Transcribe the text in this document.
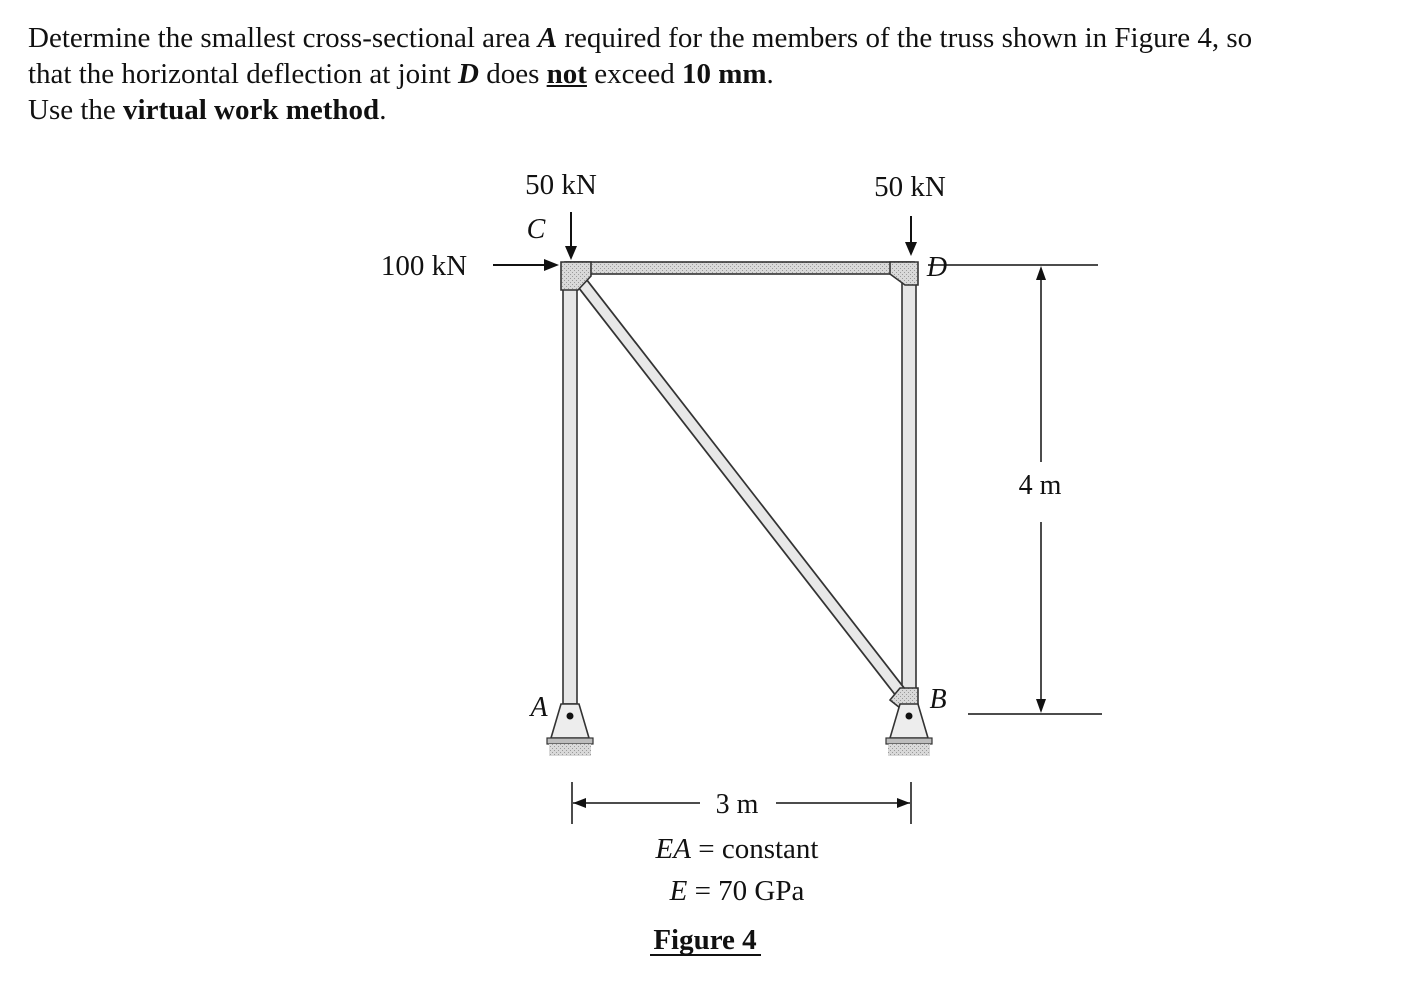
Determine the smallest cross-sectional area A required for the members of the truss shown in Figure 4, so

that the horizontal deflection at joint D does not exceed 10 mm.

Use the virtual work method.

50 kN	50 kN
100 kN
C
D
A	B
4 m
3 m
EA = constant
E = 70 GPa
Figure 4
